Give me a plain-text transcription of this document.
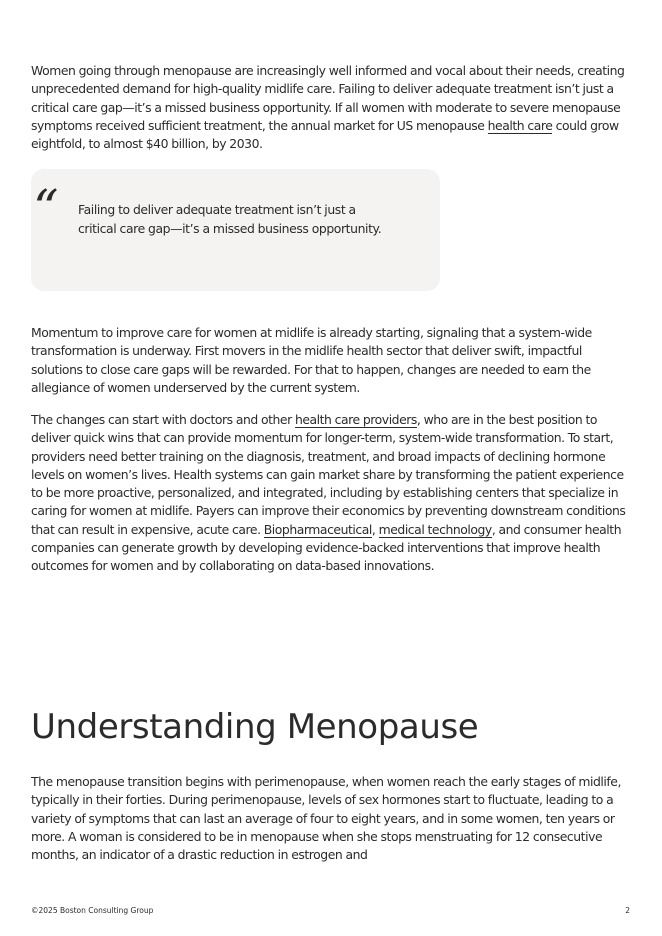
Women going through menopause are increasingly well informed and vocal about their needs, creating unprecedented demand for high-quality midlife care. Failing to deliver adequate treatment isn’t just a critical care gap—it’s a missed business opportunity. If all women with moderate to severe menopause symptoms received sufficient treatment, the annual market for US menopause health care could grow eightfold, to almost $40 billion, by 2030.

“ Failing to deliver adequate treatment isn’t just a critical care gap—it’s a missed business opportunity.

Momentum to improve care for women at midlife is already starting, signaling that a system-wide transformation is underway. First movers in the midlife health sector that deliver swift, impactful solutions to close care gaps will be rewarded. For that to happen, changes are needed to earn the allegiance of women underserved by the current system.

The changes can start with doctors and other health care providers, who are in the best position to deliver quick wins that can provide momentum for longer-term, system-wide transformation. To start, providers need better training on the diagnosis, treatment, and broad impacts of declining hormone levels on women’s lives. Health systems can gain market share by transforming the patient experience to be more proactive, personalized, and integrated, including by establishing centers that specialize in caring for women at midlife. Payers can improve their economics by preventing downstream conditions that can result in expensive, acute care. Biopharmaceutical, medical technology, and consumer health companies can generate growth by developing evidence-backed interventions that improve health outcomes for women and by collaborating on data-based innovations.

Understanding Menopause

The menopause transition begins with perimenopause, when women reach the early stages of midlife, typically in their forties. During perimenopause, levels of sex hormones start to fluctuate, leading to a variety of symptoms that can last an average of four to eight years, and in some women, ten years or more. A woman is considered to be in menopause when she stops menstruating for 12 consecutive months, an indicator of a drastic reduction in estrogen and

©2025 Boston Consulting Group	2
